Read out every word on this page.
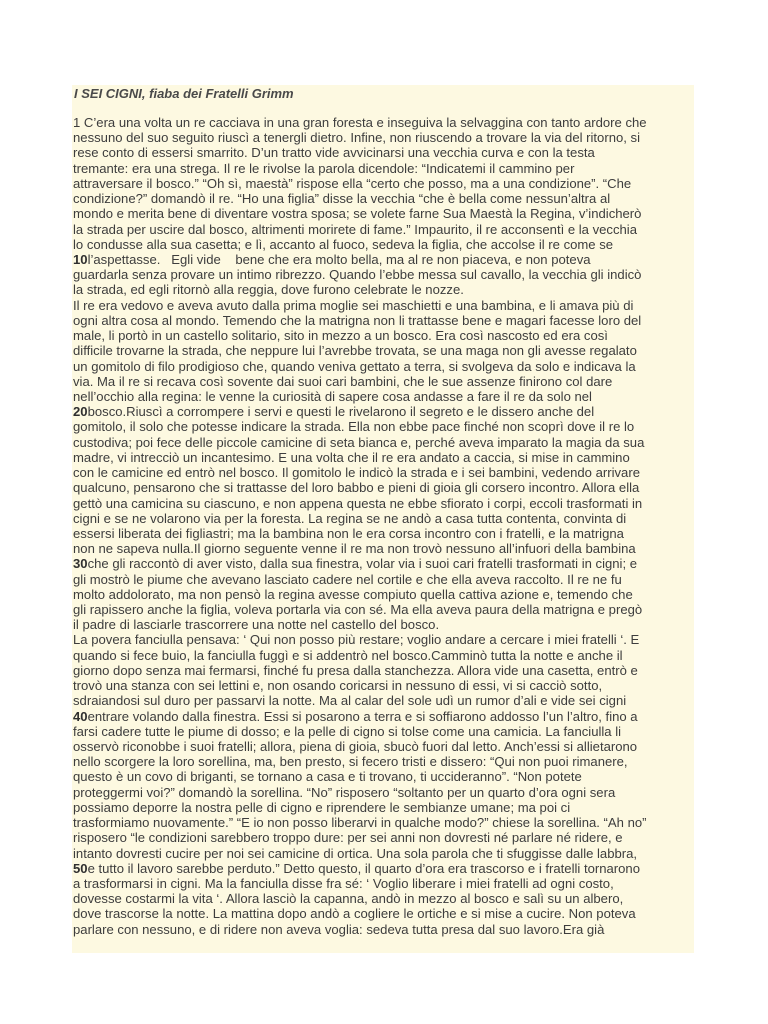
I SEI CIGNI, fiaba dei Fratelli Grimm
1 C’era una volta un re cacciava in una gran foresta e inseguiva la selvaggina con tanto ardore che
nessuno del suo seguito riuscì a tenergli dietro. Infine, non riuscendo a trovare la via del ritorno, si
rese conto di essersi smarrito. D’un tratto vide avvicinarsi una vecchia curva e con la testa
tremante: era una strega. Il re le rivolse la parola dicendole: “Indicatemi il cammino per
attraversare il bosco.” “Oh sì, maestà” rispose ella “certo che posso, ma a una condizione”. “Che
condizione?” domandò il re. “Ho una figlia” disse la vecchia “che è bella come nessun’altra al
mondo e merita bene di diventare vostra sposa; se volete farne Sua Maestà la Regina, v’indicherò
la strada per uscire dal bosco, altrimenti morirete di fame.” Impaurito, il re acconsentì e la vecchia
lo condusse alla sua casetta; e lì, accanto al fuoco, sedeva la figlia, che accolse il re come se
10l’aspettasse.   Egli vide    bene che era molto bella, ma al re non piaceva, e non poteva
guardarla senza provare un intimo ribrezzo. Quando l’ebbe messa sul cavallo, la vecchia gli indicò
la strada, ed egli ritornò alla reggia, dove furono celebrate le nozze.
Il re era vedovo e aveva avuto dalla prima moglie sei maschietti e una bambina, e li amava più di
ogni altra cosa al mondo. Temendo che la matrigna non li trattasse bene e magari facesse loro del
male, li portò in un castello solitario, sito in mezzo a un bosco. Era così nascosto ed era così
difficile trovarne la strada, che neppure lui l’avrebbe trovata, se una maga non gli avesse regalato
un gomitolo di filo prodigioso che, quando veniva gettato a terra, si svolgeva da solo e indicava la
via. Ma il re si recava così sovente dai suoi cari bambini, che le sue assenze finirono col dare
nell’occhio alla regina: le venne la curiosità di sapere cosa andasse a fare il re da solo nel
20bosco.Riuscì a corrompere i servi e questi le rivelarono il segreto e le dissero anche del
gomitolo, il solo che potesse indicare la strada. Ella non ebbe pace finché non scoprì dove il re lo
custodiva; poi fece delle piccole camicine di seta bianca e, perché aveva imparato la magia da sua
madre, vi intrecciò un incantesimo. E una volta che il re era andato a caccia, si mise in cammino
con le camicine ed entrò nel bosco. Il gomitolo le indicò la strada e i sei bambini, vedendo arrivare
qualcuno, pensarono che si trattasse del loro babbo e pieni di gioia gli corsero incontro. Allora ella
gettò una camicina su ciascuno, e non appena questa ne ebbe sfiorato i corpi, eccoli trasformati in
cigni e se ne volarono via per la foresta. La regina se ne andò a casa tutta contenta, convinta di
essersi liberata dei figliastri; ma la bambina non le era corsa incontro con i fratelli, e la matrigna
non ne sapeva nulla.Il giorno seguente venne il re ma non trovò nessuno all’infuori della bambina
30che gli raccontò di aver visto, dalla sua finestra, volar via i suoi cari fratelli trasformati in cigni; e
gli mostrò le piume che avevano lasciato cadere nel cortile e che ella aveva raccolto. Il re ne fu
molto addolorato, ma non pensò la regina avesse compiuto quella cattiva azione e, temendo che
gli rapissero anche la figlia, voleva portarla via con sé. Ma ella aveva paura della matrigna e pregò
il padre di lasciarle trascorrere una notte nel castello del bosco.
La povera fanciulla pensava: ‘ Qui non posso più restare; voglio andare a cercare i miei fratelli ‘. E
quando si fece buio, la fanciulla fuggì e si addentrò nel bosco.Camminò tutta la notte e anche il
giorno dopo senza mai fermarsi, finché fu presa dalla stanchezza. Allora vide una casetta, entrò e
trovò una stanza con sei lettini e, non osando coricarsi in nessuno di essi, vi si cacciò sotto,
sdraiandosi sul duro per passarvi la notte. Ma al calar del sole udì un rumor d’ali e vide sei cigni
40entrare volando dalla finestra. Essi si posarono a terra e si soffiarono addosso l’un l’altro, fino a
farsi cadere tutte le piume di dosso; e la pelle di cigno si tolse come una camicia. La fanciulla li
osservò riconobbe i suoi fratelli; allora, piena di gioia, sbucò fuori dal letto. Anch’essi si allietarono
nello scorgere la loro sorellina, ma, ben presto, si fecero tristi e dissero: “Qui non puoi rimanere,
questo è un covo di briganti, se tornano a casa e ti trovano, ti uccideranno”. “Non potete
proteggermi voi?” domandò la sorellina. “No” risposero “soltanto per un quarto d’ora ogni sera
possiamo deporre la nostra pelle di cigno e riprendere le sembianze umane; ma poi ci
trasformiamo nuovamente.” “E io non posso liberarvi in qualche modo?” chiese la sorellina. “Ah no”
risposero “le condizioni sarebbero troppo dure: per sei anni non dovresti né parlare né ridere, e
intanto dovresti cucire per noi sei camicine di ortica. Una sola parola che ti sfuggisse dalle labbra,
50e tutto il lavoro sarebbe perduto.” Detto questo, il quarto d’ora era trascorso e i fratelli tornarono
a trasformarsi in cigni. Ma la fanciulla disse fra sé: ‘ Voglio liberare i miei fratelli ad ogni costo,
dovesse costarmi la vita ‘. Allora lasciò la capanna, andò in mezzo al bosco e salì su un albero,
dove trascorse la notte. La mattina dopo andò a cogliere le ortiche e si mise a cucire. Non poteva
parlare con nessuno, e di ridere non aveva voglia: sedeva tutta presa dal suo lavoro.Era già
